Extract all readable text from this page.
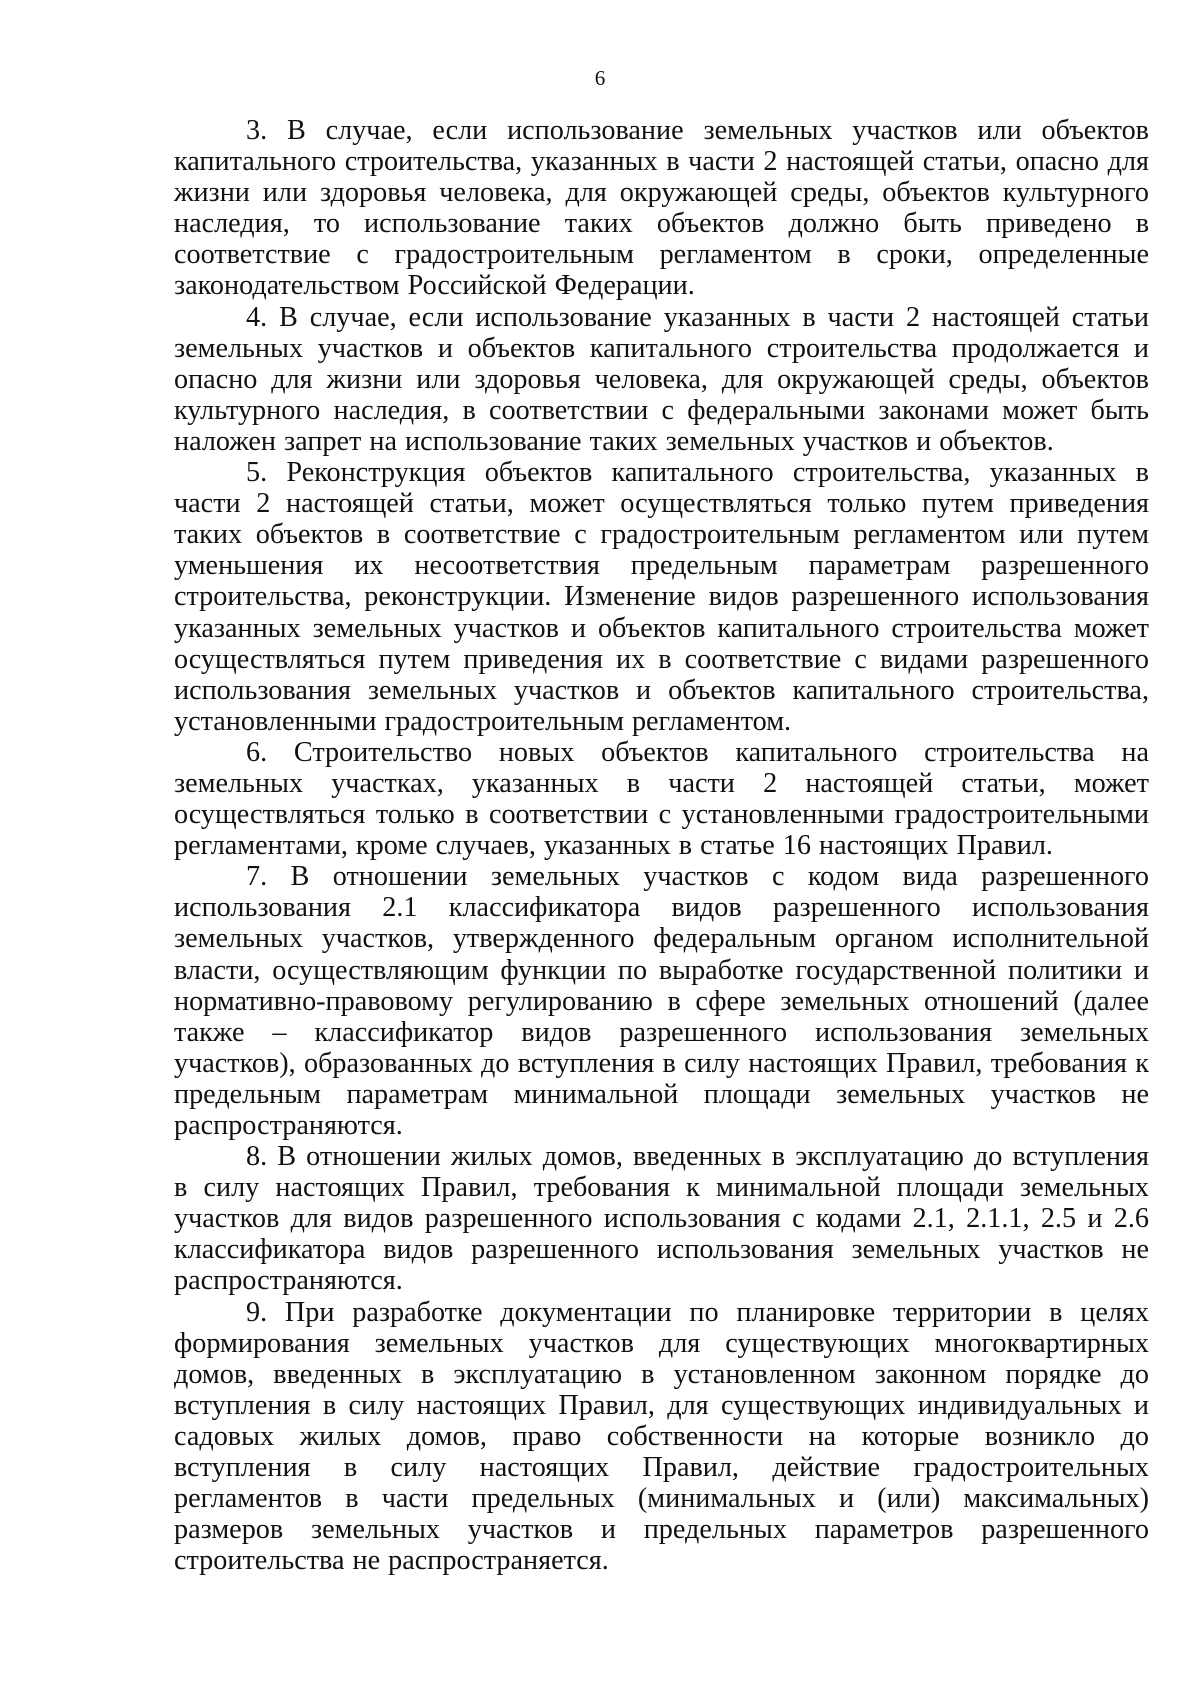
6

3. В случае, если использование земельных участков или объектов капитального строительства, указанных в части 2 настоящей статьи, опасно для жизни или здоровья человека, для окружающей среды, объектов культурного наследия, то использование таких объектов должно быть приведено в соответствие с градостроительным регламентом в сроки, определенные законодательством Российской Федерации.

4. В случае, если использование указанных в части 2 настоящей статьи земельных участков и объектов капитального строительства продолжается и опасно для жизни или здоровья человека, для окружающей среды, объектов культурного наследия, в соответствии с федеральными законами может быть наложен запрет на использование таких земельных участков и объектов.

5. Реконструкция объектов капитального строительства, указанных в части 2 настоящей статьи, может осуществляться только путем приведения таких объектов в соответствие с градостроительным регламентом или путем уменьшения их несоответствия предельным параметрам разрешенного строительства, реконструкции. Изменение видов разрешенного использования указанных земельных участков и объектов капитального строительства может осуществляться путем приведения их в соответствие с видами разрешенного использования земельных участков и объектов капитального строительства, установленными градостроительным регламентом.

6. Строительство новых объектов капитального строительства на земельных участках, указанных в части 2 настоящей статьи, может осуществляться только в соответствии с установленными градостроительными регламентами, кроме случаев, указанных в статье 16 настоящих Правил.

7. В отношении земельных участков с кодом вида разрешенного использования 2.1 классификатора видов разрешенного использования земельных участков, утвержденного федеральным органом исполнительной власти, осуществляющим функции по выработке государственной политики и нормативно-правовому регулированию в сфере земельных отношений (далее также – классификатор видов разрешенного использования земельных участков), образованных до вступления в силу настоящих Правил, требования к предельным параметрам минимальной площади земельных участков не распространяются.

8. В отношении жилых домов, введенных в эксплуатацию до вступления в силу настоящих Правил, требования к минимальной площади земельных участков для видов разрешенного использования с кодами 2.1, 2.1.1, 2.5 и 2.6 классификатора видов разрешенного использования земельных участков не распространяются.

9. При разработке документации по планировке территории в целях формирования земельных участков для существующих многоквартирных домов, введенных в эксплуатацию в установленном законном порядке до вступления в силу настоящих Правил, для существующих индивидуальных и садовых жилых домов, право собственности на которые возникло до вступления в силу настоящих Правил, действие градостроительных регламентов в части предельных (минимальных и (или) максимальных) размеров земельных участков и предельных параметров разрешенного строительства не распространяется.
